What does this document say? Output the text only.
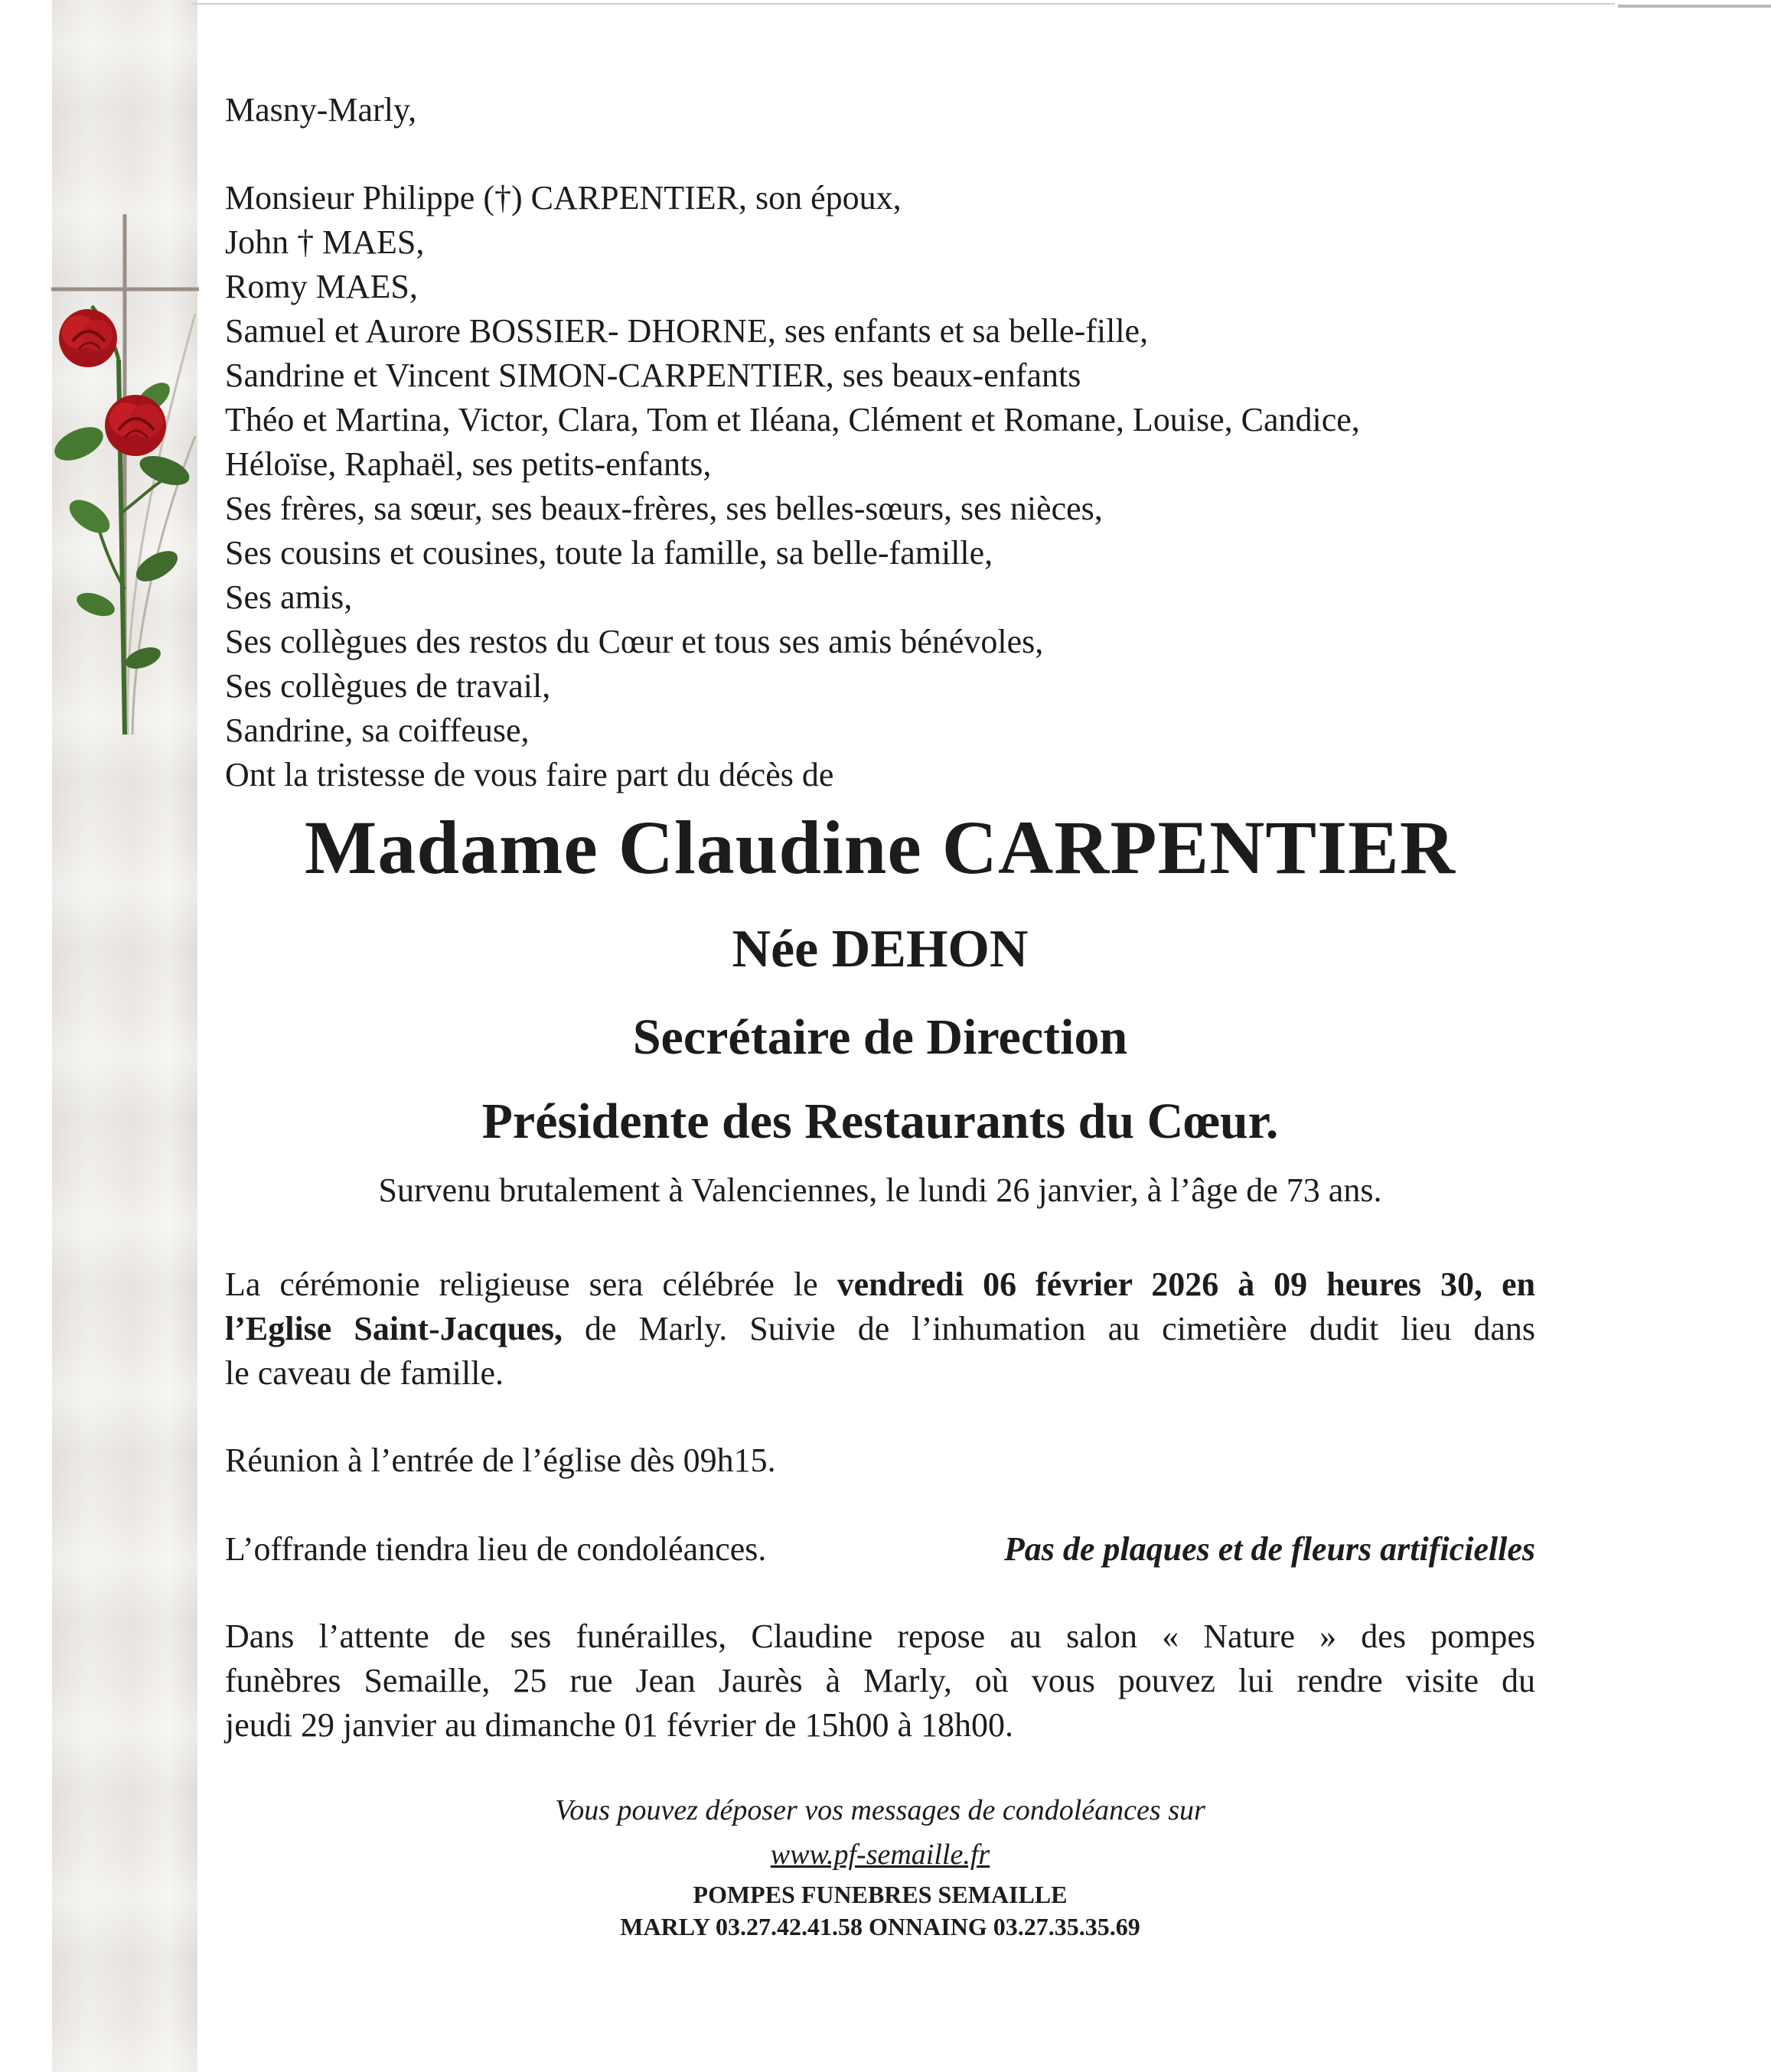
Masny-Marly,
Monsieur Philippe (†) CARPENTIER, son époux,
John † MAES,
Romy MAES,
Samuel et Aurore BOSSIER- DHORNE, ses enfants et sa belle-fille,
Sandrine et Vincent SIMON-CARPENTIER, ses beaux-enfants
Théo et Martina, Victor, Clara, Tom et Iléana, Clément et Romane, Louise, Candice,
Héloïse, Raphaël, ses petits-enfants,
Ses frères, sa sœur, ses beaux-frères, ses belles-sœurs, ses nièces,
Ses cousins et cousines, toute la famille, sa belle-famille,
Ses amis,
Ses collègues des restos du Cœur et tous ses amis bénévoles,
Ses collègues de travail,
Sandrine, sa coiffeuse,
Ont la tristesse de vous faire part du décès de
Madame Claudine CARPENTIER
Née DEHON
Secrétaire de Direction
Présidente des Restaurants du Cœur.
Survenu brutalement à Valenciennes, le lundi 26 janvier, à l’âge de 73 ans.
La cérémonie religieuse sera célébrée le vendredi 06 février 2026 à 09 heures 30, en
l’Eglise Saint-Jacques, de Marly. Suivie de l’inhumation au cimetière dudit lieu dans
le caveau de famille.
Réunion à l’entrée de l’église dès 09h15.
L’offrande tiendra lieu de condoléances.	Pas de plaques et de fleurs artificielles
Dans l’attente de ses funérailles, Claudine repose au salon « Nature » des pompes
funèbres Semaille, 25 rue Jean Jaurès à Marly, où vous pouvez lui rendre visite du
jeudi 29 janvier au dimanche 01 février de 15h00 à 18h00.
Vous pouvez déposer vos messages de condoléances sur
www.pf-semaille.fr
POMPES FUNEBRES SEMAILLE
MARLY 03.27.42.41.58 ONNAING 03.27.35.35.69
